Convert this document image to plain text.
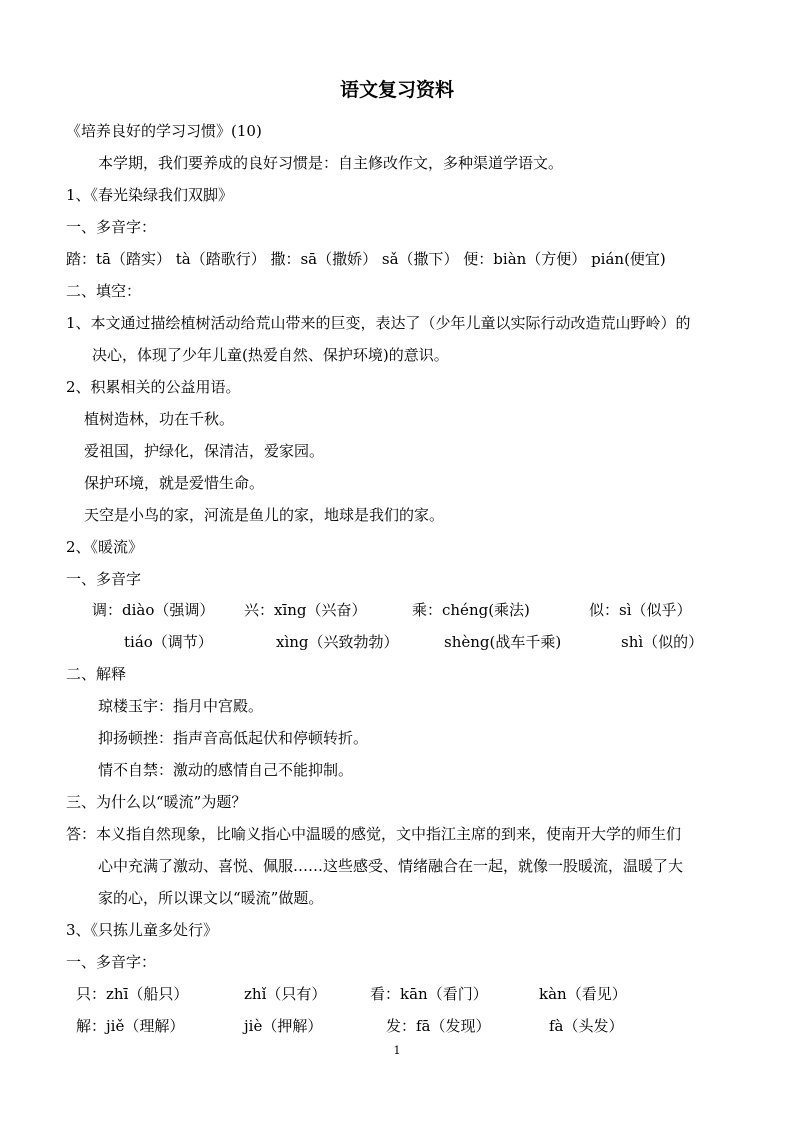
语文复习资料
《培养良好的学习习惯》(10)
本学期，我们要养成的良好习惯是：自主修改作文，多种渠道学语文。
1、《春光染绿我们双脚》
一、多音字：
踏：tā（踏实） tà（踏歌行） 撒：sā（撒娇） sǎ（撒下） 便：biàn（方便） pián(便宜)
二、填空：
1、本文通过描绘植树活动给荒山带来的巨变，表达了（少年儿童以实际行动改造荒山野岭）的
决心，体现了少年儿童(热爱自然、保护环境)的意识。
2、积累相关的公益用语。
植树造林，功在千秋。
爱祖国，护绿化，保清洁，爱家园。
保护环境，就是爱惜生命。
天空是小鸟的家，河流是鱼儿的家，地球是我们的家。
2、《暖流》
一、多音字
调：diào（强调） 兴：xīng（兴奋）	乘：chéng(乘法)	似：sì（似乎）
tiáo（调节）	xìng（兴致勃勃）	shèng(战车千乘)	shì（似的）
二、解释
琼楼玉宇：指月中宫殿。
抑扬顿挫：指声音高低起伏和停顿转折。
情不自禁：激动的感情自己不能抑制。
三、为什么以“暖流”为题？
答：本义指自然现象，比喻义指心中温暖的感觉，文中指江主席的到来，使南开大学的师生们
心中充满了激动、喜悦、佩服……这些感受、情绪融合在一起，就像一股暖流，温暖了大
家的心，所以课文以“暖流”做题。
3、《只拣儿童多处行》
一、多音字：
只：zhī（船只）	zhǐ（只有）	看：kān（看门）	kàn（看见）
解：jiě（理解）	jiè（押解）	发：fā（发现）	fà（头发）
1
